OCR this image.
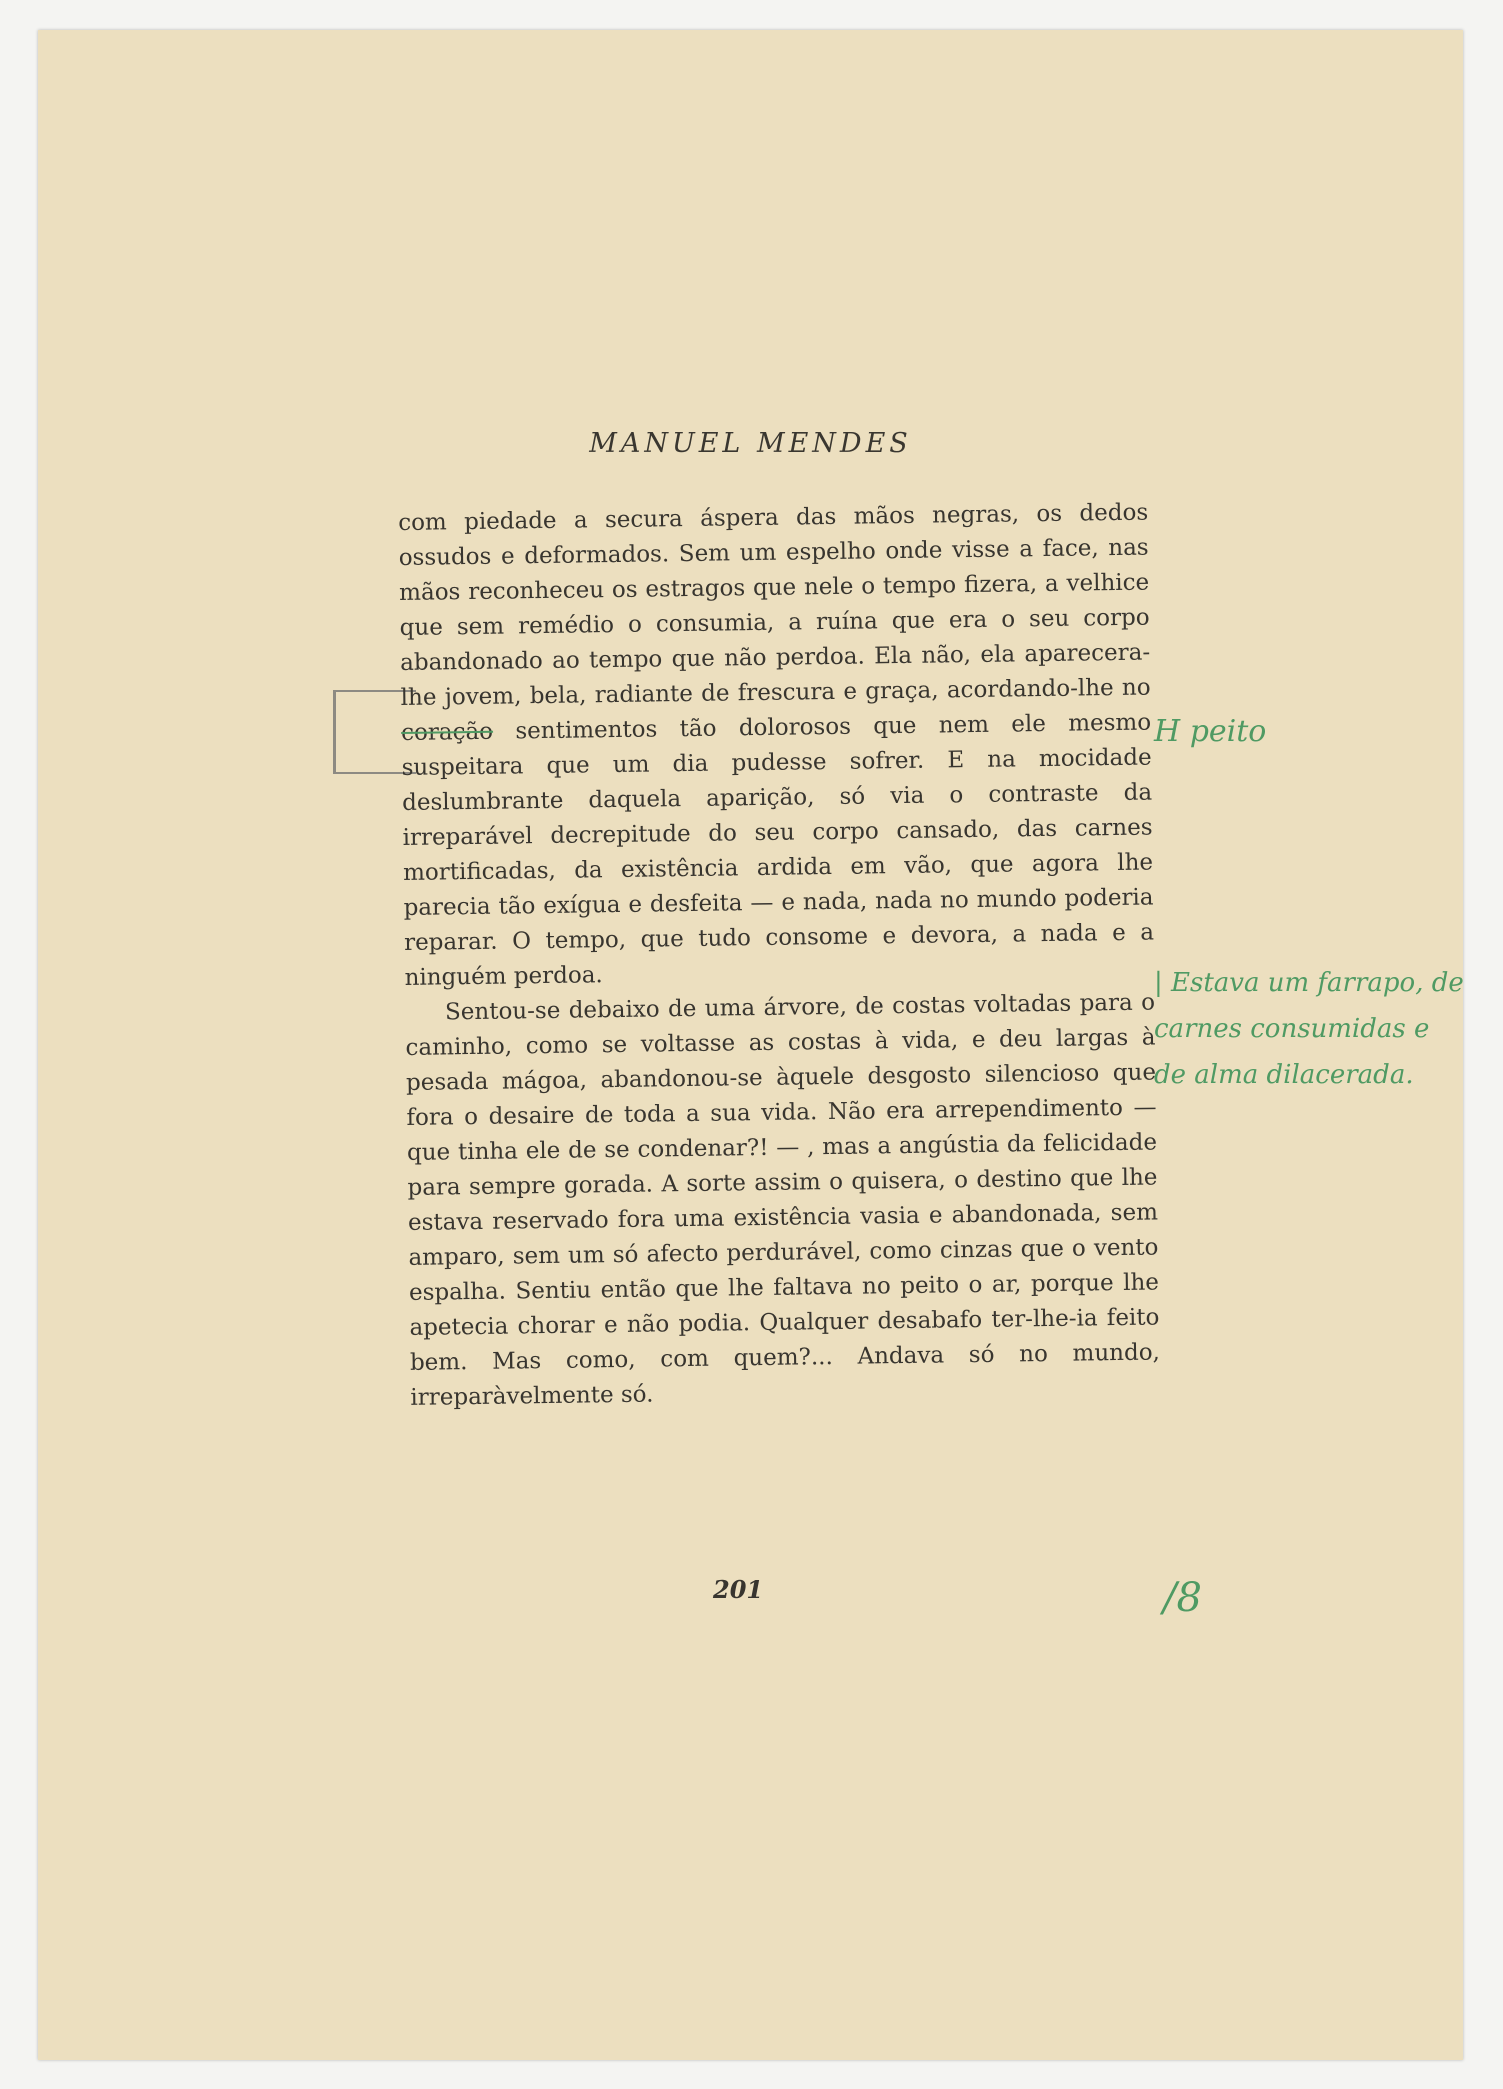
MANUEL MENDES

com piedade a secura áspera das mãos negras, os dedos ossudos e deformados. Sem um espelho onde visse a face, nas mãos reconheceu os estragos que nele o tempo fizera, a velhice que sem remédio o consumia, a ruína que era o seu corpo abandonado ao tempo que não perdoa. Ela não, ela aparecera-lhe jovem, bela, radiante de frescura e graça, acordando-lhe no coração sentimentos tão dolorosos que nem ele mesmo suspeitara que um dia pudesse sofrer. E na mocidade deslumbrante daquela aparição, só via o contraste da irreparável decrepitude do seu corpo cansado, das carnes mortificadas, da existência ardida em vão, que agora lhe parecia tão exígua e desfeita — e nada, nada no mundo poderia reparar. O tempo, que tudo consome e devora, a nada e a ninguém perdoa.

Sentou-se debaixo de uma árvore, de costas voltadas para o caminho, como se voltasse as costas à vida, e deu largas à pesada mágoa, abandonou-se àquele desgosto silencioso que fora o desaire de toda a sua vida. Não era arrependimento — que tinha ele de se condenar?! — , mas a angústia da felicidade para sempre gorada. A sorte assim o quisera, o destino que lhe estava reservado fora uma existência vasia e abandonada, sem amparo, sem um só afecto perdurável, como cinzas que o vento espalha. Sentiu então que lhe faltava no peito o ar, porque lhe apetecia chorar e não podia. Qualquer desabafo ter-lhe-ia feito bem. Mas como, com quem?... Andava só no mundo, irreparàvelmente só.

201
H peito
| Estava um farrapo, de carnes consumidas e de alma dilacerada.
/8
